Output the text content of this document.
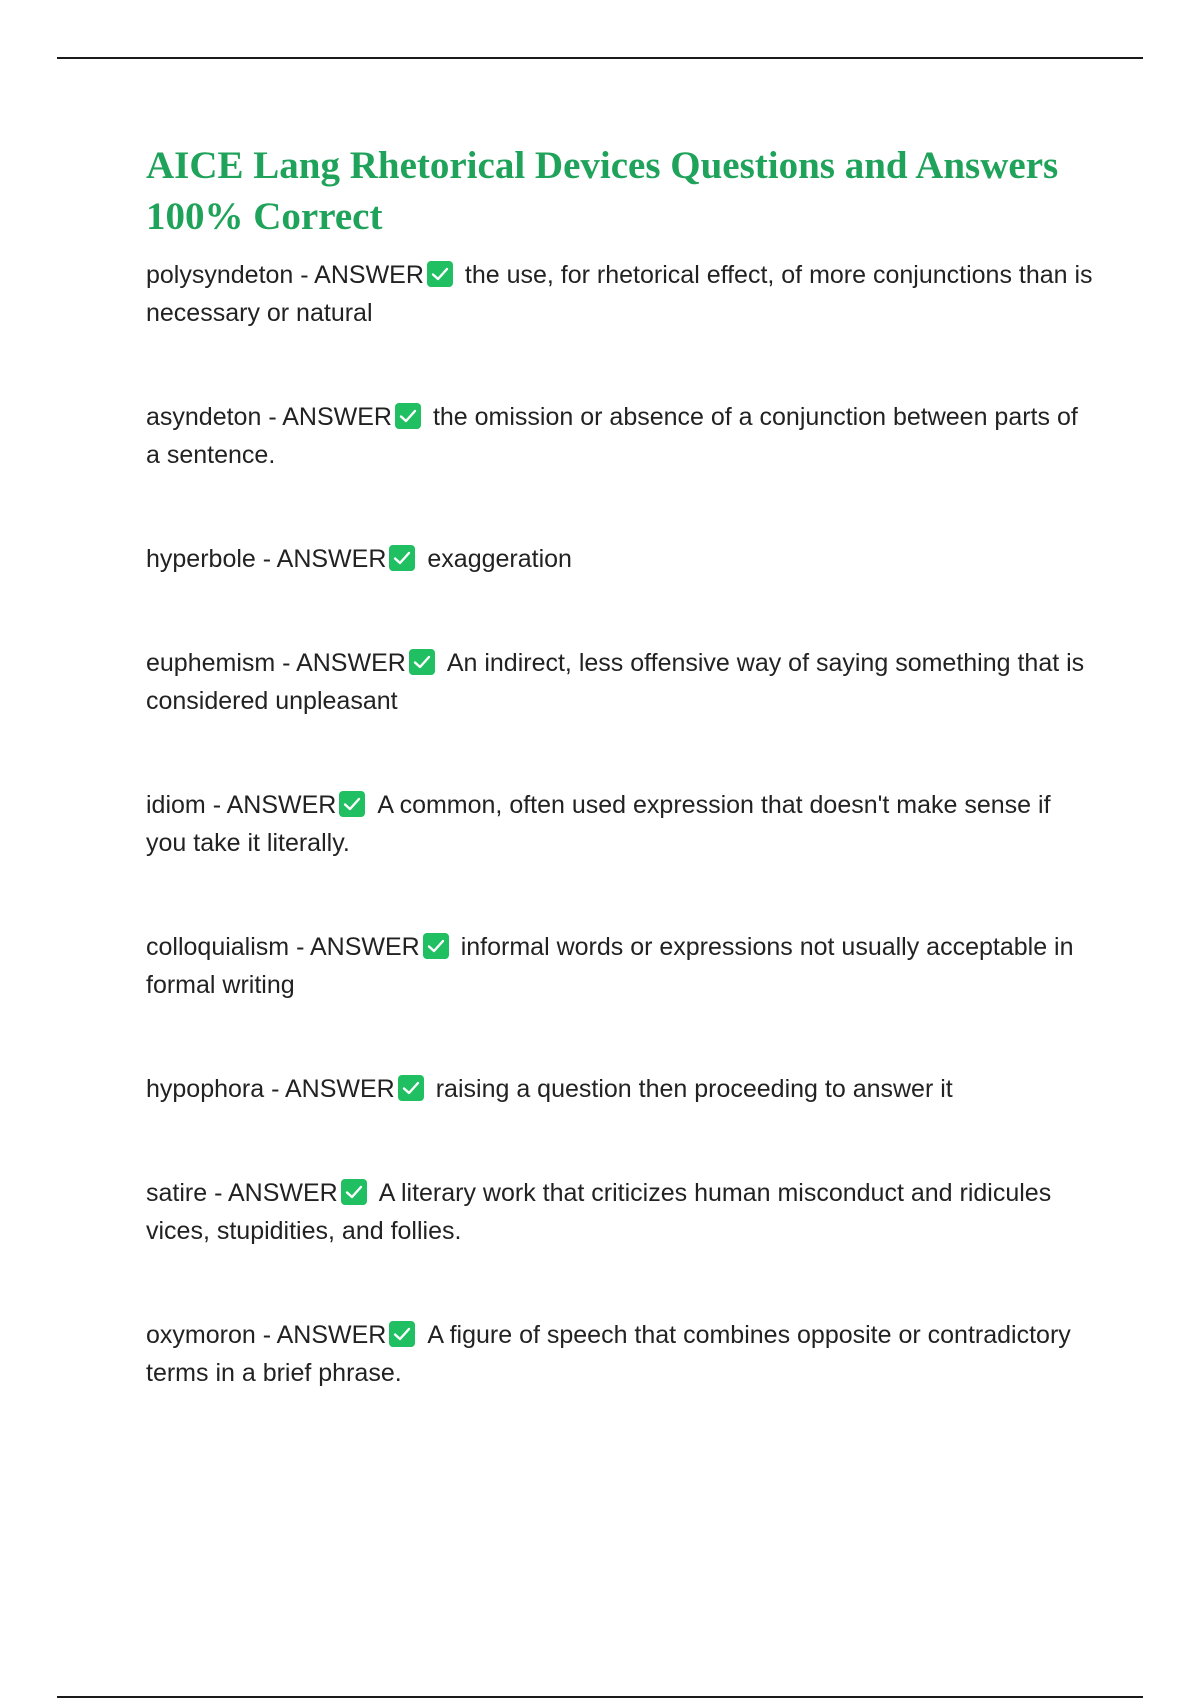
AICE Lang Rhetorical Devices Questions and Answers 100% Correct
polysyndeton - ANSWER the use, for rhetorical effect, of more conjunctions than is necessary or natural
asyndeton - ANSWER the omission or absence of a conjunction between parts of a sentence.
hyperbole - ANSWER exaggeration
euphemism - ANSWER An indirect, less offensive way of saying something that is considered unpleasant
idiom - ANSWER A common, often used expression that doesn't make sense if you take it literally.
colloquialism - ANSWER informal words or expressions not usually acceptable in formal writing
hypophora - ANSWER raising a question then proceeding to answer it
satire - ANSWER A literary work that criticizes human misconduct and ridicules vices, stupidities, and follies.
oxymoron - ANSWER A figure of speech that combines opposite or contradictory terms in a brief phrase.
